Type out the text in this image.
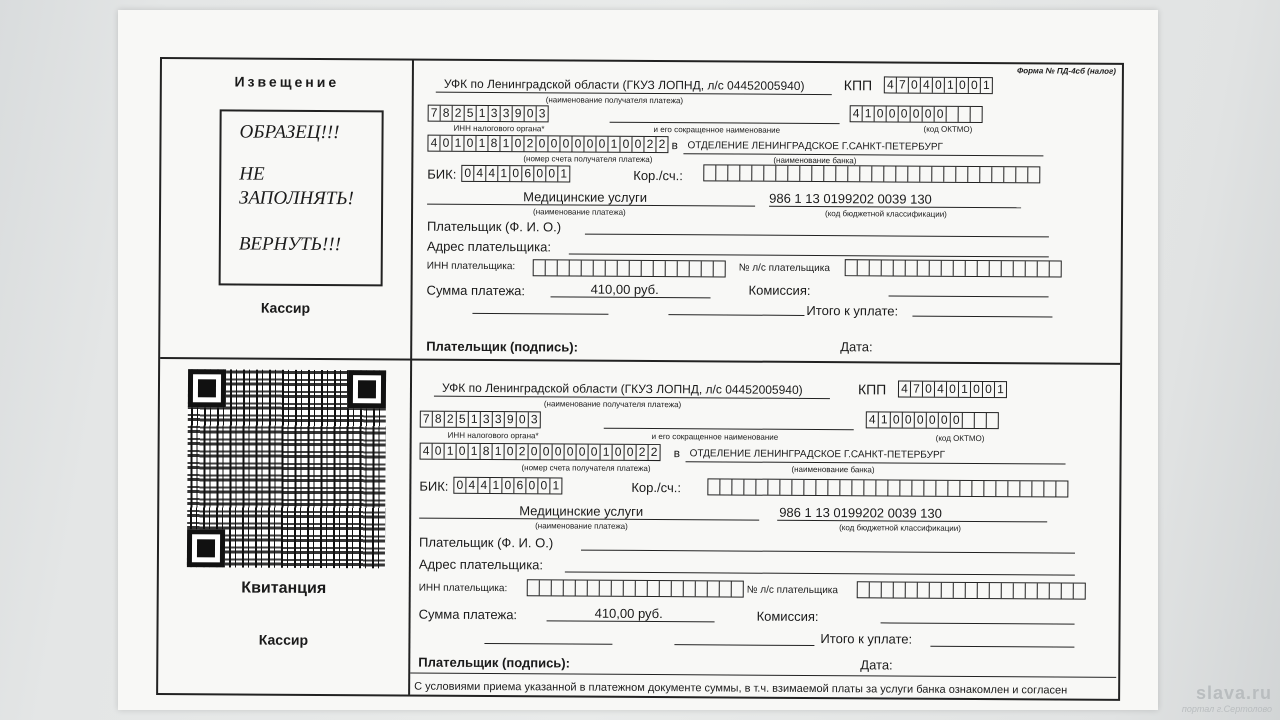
Извещение
ОБРАЗЕЦ!!!
НЕ
ЗАПОЛНЯТЬ!
ВЕРНУТЬ!!!
Кассир
Квитанция
Кассир
Форма № ПД-4сб (налог)
УФК по Ленинградской области (ГКУЗ ЛОПНД, л/с 04452005940)
(наименование получателя платежа)
КПП 4 7 0 4 0 1 0 0 1
7 8 2 5 1 3 3 9 0 3
ИНН налогового органа*	и его сокращенное наименование
4 1 0 0 0 0 0 0
(код ОКТМО)
4 0 1 0 1 8 1 0 2 0 0 0 0 0 0 1 0 0 2 2 в ОТДЕЛЕНИЕ ЛЕНИНГРАДСКОЕ Г.САНКТ-ПЕТЕРБУРГ
(номер счета получателя платежа)	(наименование банка)
БИК: 0 4 4 1 0 6 0 0 1	Кор./сч.:
Медицинские услуги
(наименование платежа)
986 1 13 0199202 0039 130
(код бюджетной классификации)
Плательщик (Ф. И. О.)
Адрес плательщика:
ИНН плательщика:	№ л/с плательщика
Сумма платежа:	410,00 руб.	Комиссия:
Итого к уплате:
Плательщик (подпись):	Дата:
УФК по Ленинградской области (ГКУЗ ЛОПНД, л/с 04452005940)
(наименование получателя платежа)
КПП 4 7 0 4 0 1 0 0 1
7 8 2 5 1 3 3 9 0 3
ИНН налогового органа*	и его сокращенное наименование
4 1 0 0 0 0 0 0
(код ОКТМО)
4 0 1 0 1 8 1 0 2 0 0 0 0 0 0 1 0 0 2 2 в ОТДЕЛЕНИЕ ЛЕНИНГРАДСКОЕ Г.САНКТ-ПЕТЕРБУРГ
(номер счета получателя платежа)	(наименование банка)
БИК: 0 4 4 1 0 6 0 0 1	Кор./сч.:
Медицинские услуги
(наименование платежа)
986 1 13 0199202 0039 130
(код бюджетной классификации)
Плательщик (Ф. И. О.)
Адрес плательщика:
ИНН плательщика:	№ л/с плательщика
Сумма платежа:	410,00 руб.	Комиссия:
Итого к уплате:
Плательщик (подпись):	Дата:
С условиями приема указанной в платежном документе суммы, в т.ч. взимаемой платы за услуги банка ознакомлен и согласен	slava.ru
портал г.Сертолово
